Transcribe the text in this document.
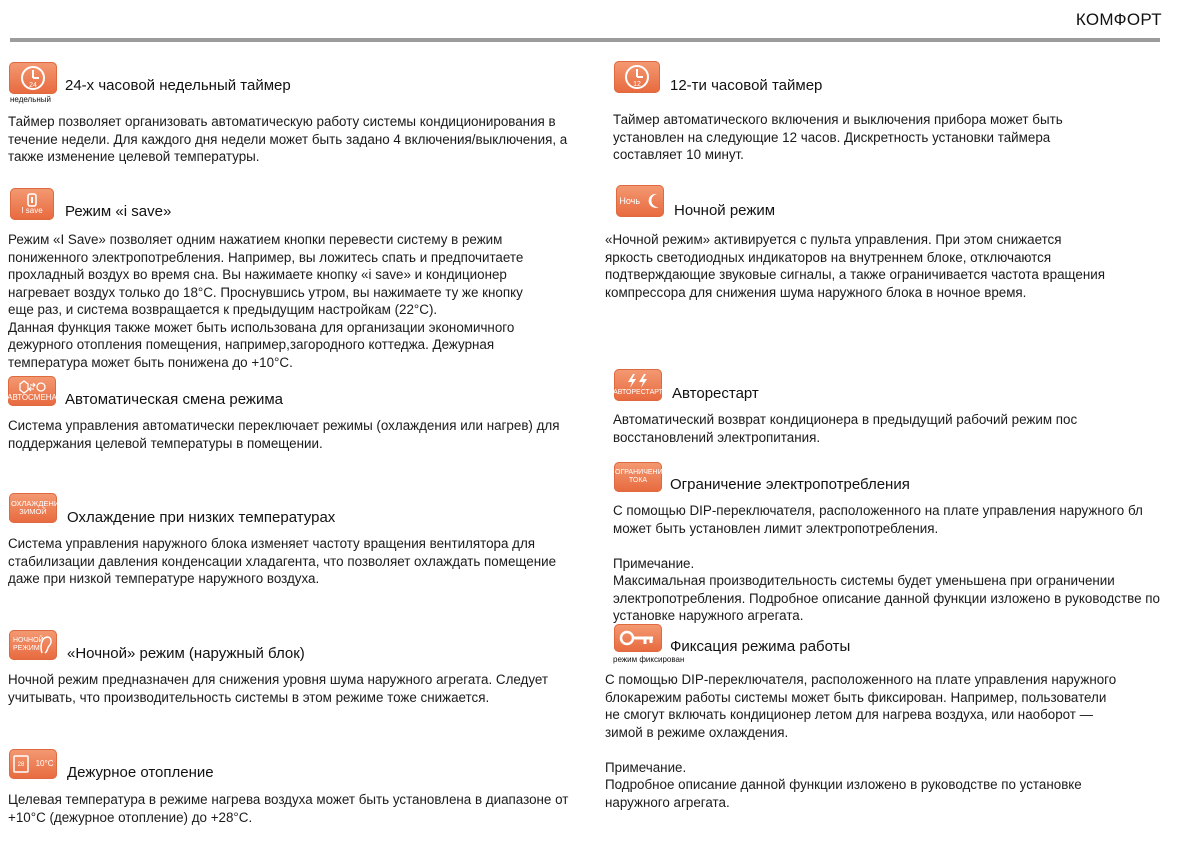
КОМФОРТ
24
недельный
24-х часовой недельный таймер

Таймер позволяет организовать автоматическую работу системы кондиционирования в
течение недели. Для каждого дня недели может быть задано 4 включения/выключения, а
также изменение целевой температуры.

I save Режим «i save»

Режим «I Save» позволяет одним нажатием кнопки перевести систему в режим
пониженного электропотребления. Например, вы ложитесь спать и предпочитаете
прохладный воздух во время сна. Вы нажимаете кнопку «i save» и кондиционер
нагревает воздух только до 18°C. Проснувшись утром, вы нажимаете ту же кнопку
еще раз, и система возвращается к предыдущим настройкам (22°C).
Данная функция также может быть использована для организации экономичного
дежурного отопления помещения, например,загородного коттеджа. Дежурная
температура может быть понижена до +10°C.

АВТОСМЕНА Автоматическая смена режима

Система управления автоматически переключает режимы (охлаждения или нагрев) для
поддержания целевой температуры в помещении.

ОХЛАЖДЕНИЕ ЗИМОЙ	Охлаждение при низких температурах

Система управления наружного блока изменяет частоту вращения вентилятора для
стабилизации давления конденсации хладагента, что позволяет охлаждать помещение
даже при низкой температуре наружного воздуха.

НОЧНОЙ РЕЖИМ «Ночной» режим (наружный блок)

Ночной режим предназначен для снижения уровня шума наружного агрегата. Следует
учитывать, что производительность системы в этом режиме тоже снижается.

28 10°C
Дежурное отопление

Целевая температура в режиме нагрева воздуха может быть установлена в диапазоне от
+10°C (дежурное отопление) до +28°C.

12 12-ти часовой таймер

Таймер автоматического включения и выключения прибора может быть
установлен на следующие 12 часов. Дискретность установки таймера
составляет 10 минут.

Ночь
Ночной режим

«Ночной режим» активируется с пульта управления. При этом снижается
яркость светодиодных индикаторов на внутреннем блоке, отключаются
подтверждающие звуковые сигналы, а также ограничивается частота вращения
компрессора для снижения шума наружного блока в ночное время.

АВТОРЕСТАРТ Авторестарт

Автоматический возврат кондиционера в предыдущий рабочий режим пос
восстановлений электропитания.

ОГРАНИЧЕНИЕ ТОКА	Ограничение электропотребления

С помощью DIP-переключателя, расположенного на плате управления наружного бл
может быть установлен лимит электропотребления.

Примечание.
Максимальная производительность системы будет уменьшена при ограничении
электропотребления. Подробное описание данной функции изложено в руководстве по
установке наружного агрегата.

режим фиксирован
Фиксация режима работы

С помощью DIP-переключателя, расположенного на плате управления наружного
блокарежим работы системы может быть фиксирован. Например, пользователи
не смогут включать кондиционер летом для нагрева воздуха, или наоборот —
зимой в режиме охлаждения.

Примечание.
Подробное описание данной функции изложено в руководстве по установке
наружного агрегата.
